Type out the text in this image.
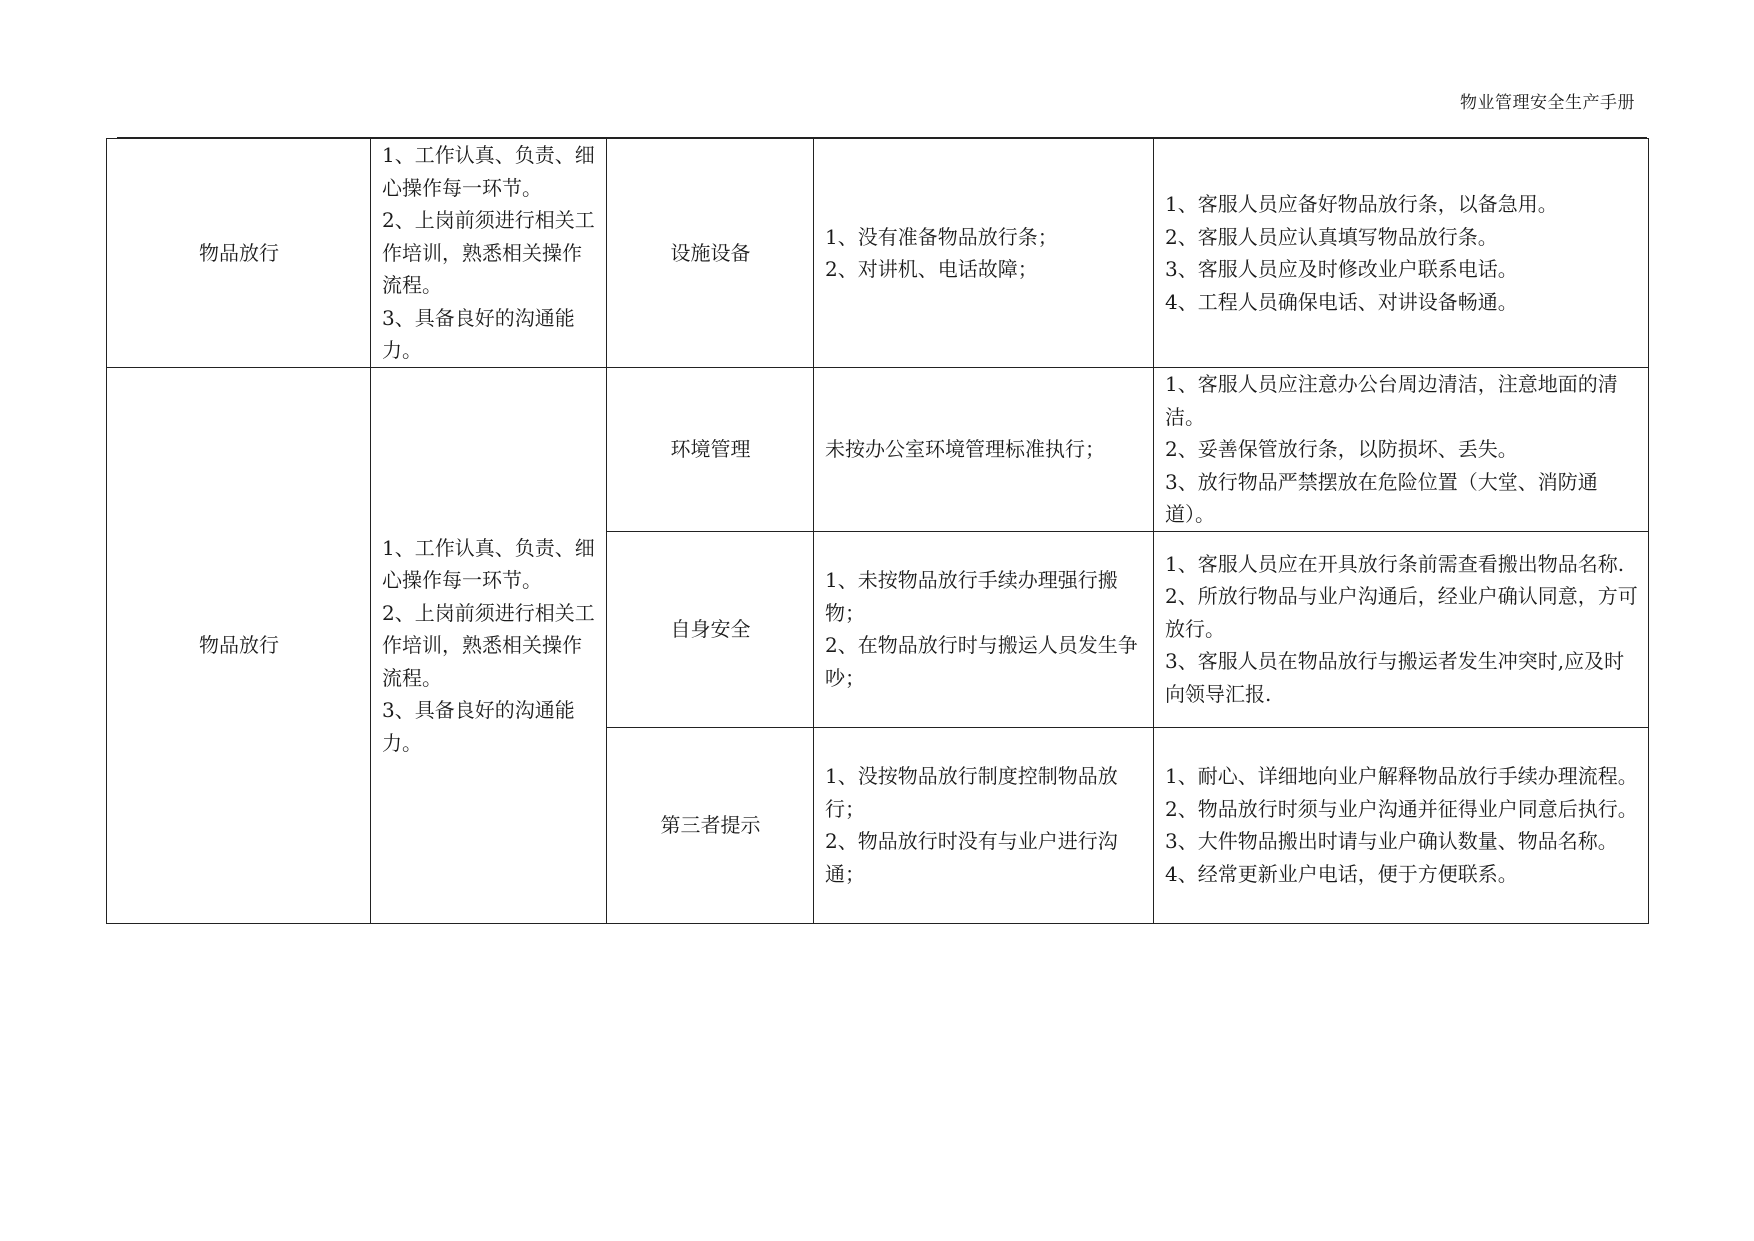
物业管理安全生产手册
物品放行	1、工作认真、负责、细心操作每一环节。
2、上岗前须进行相关工作培训，熟悉相关操作流程。
3、具备良好的沟通能力。	设施设备	1、没有准备物品放行条；
2、对讲机、电话故障；	1、客服人员应备好物品放行条，以备急用。
2、客服人员应认真填写物品放行条。
3、客服人员应及时修改业户联系电话。
4、工程人员确保电话、对讲设备畅通。

物品放行	1、工作认真、负责、细心操作每一环节。
2、上岗前须进行相关工作培训，熟悉相关操作流程。
3、具备良好的沟通能力。	环境管理	未按办公室环境管理标准执行；	1、客服人员应注意办公台周边清洁，注意地面的清洁。
2、妥善保管放行条，以防损坏、丢失。
3、放行物品严禁摆放在危险位置（大堂、消防通道）。

		自身安全	1、未按物品放行手续办理强行搬物；
2、在物品放行时与搬运人员发生争吵；	1、客服人员应在开具放行条前需查看搬出物品名称.
2、所放行物品与业户沟通后，经业户确认同意，方可放行。
3、客服人员在物品放行与搬运者发生冲突时,应及时向领导汇报.

		第三者提示	1、没按物品放行制度控制物品放行；
2、物品放行时没有与业户进行沟通；	1、耐心、详细地向业户解释物品放行手续办理流程。
2、物品放行时须与业户沟通并征得业户同意后执行。
3、大件物品搬出时请与业户确认数量、物品名称。
4、经常更新业户电话，便于方便联系。
